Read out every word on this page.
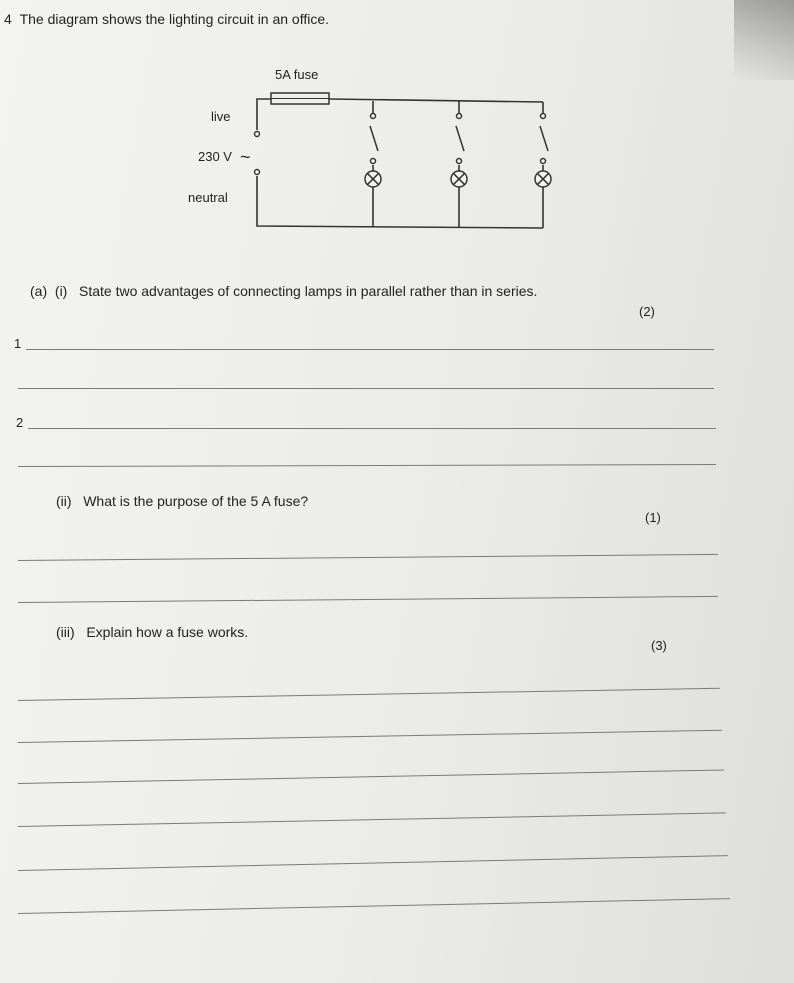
4 The diagram shows the lighting circuit in an office.
5A fuse
live
230 V ~
neutral
(a) (i) State two advantages of connecting lamps in parallel rather than in series.
(2)
1
2
(ii) What is the purpose of the 5 A fuse?
(1)
(iii) Explain how a fuse works.
(3)
